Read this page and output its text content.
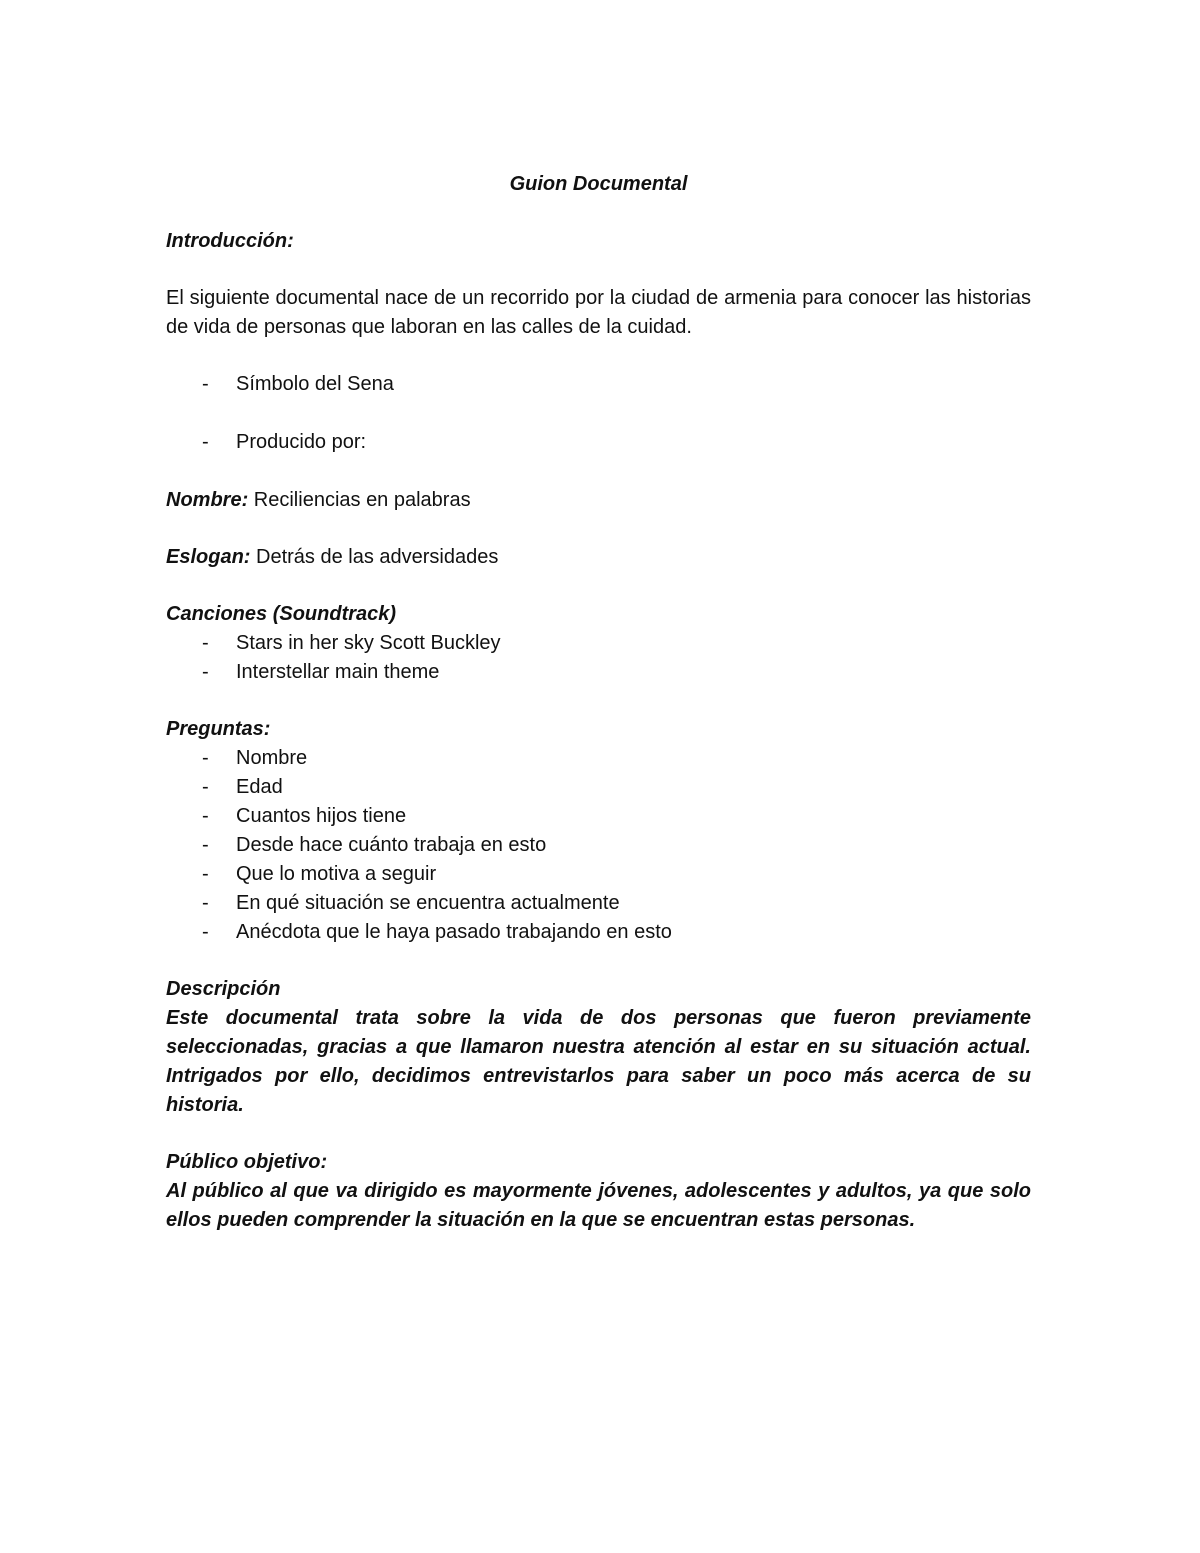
Guion Documental

Introducción:

El siguiente documental nace de un recorrido por la ciudad de armenia para conocer las historias de vida de personas que laboran en las calles de la cuidad.

- Símbolo del Sena
- Producido por:

Nombre: Reciliencias en palabras

Eslogan: Detrás de las adversidades

Canciones (Soundtrack)

- Stars in her sky Scott Buckley
- Interstellar main theme

Preguntas:

- Nombre
- Edad
- Cuantos hijos tiene
- Desde hace cuánto trabaja en esto
- Que lo motiva a seguir
- En qué situación se encuentra actualmente
- Anécdota que le haya pasado trabajando en esto

Descripción

Este documental trata sobre la vida de dos personas que fueron previamente seleccionadas, gracias a que llamaron nuestra atención al estar en su situación actual. Intrigados por ello, decidimos entrevistarlos para saber un poco más acerca de su historia.

Público objetivo:

Al público al que va dirigido es mayormente jóvenes, adolescentes y adultos, ya que solo ellos pueden comprender la situación en la que se encuentran estas personas.
